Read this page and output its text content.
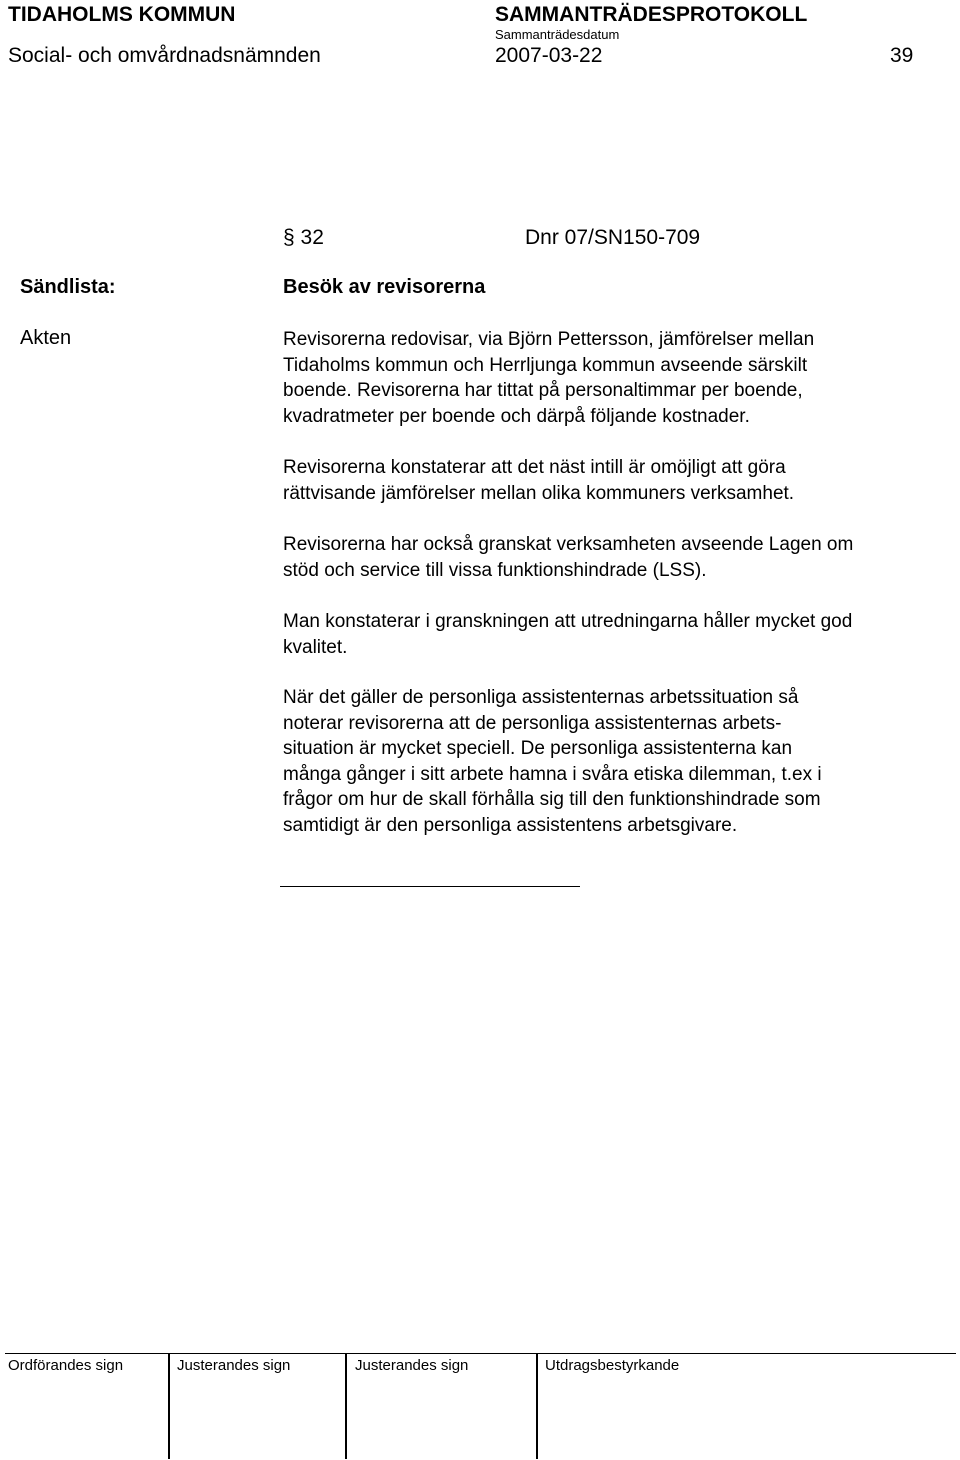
TIDAHOLMS KOMMUN	SAMMANTRÄDESPROTOKOLL
Sammanträdesdatum
Social- och omvårdnadsnämnden	2007-03-22	39
§ 32	Dnr 07/SN150-709
Sändlista:	Besök av revisorerna
Akten	Revisorerna redovisar, via Björn Pettersson, jämförelser mellan
Tidaholms kommun och Herrljunga kommun avseende särskilt
boende. Revisorerna har tittat på personaltimmar per boende,
kvadratmeter per boende och därpå följande kostnader.
Revisorerna konstaterar att det näst intill är omöjligt att göra
rättvisande jämförelser mellan olika kommuners verksamhet.
Revisorerna har också granskat verksamheten avseende Lagen om
stöd och service till vissa funktionshindrade (LSS).
Man konstaterar i granskningen att utredningarna håller mycket god
kvalitet.
När det gäller de personliga assistenternas arbetssituation så
noterar revisorerna att de personliga assistenternas arbets-
situation är mycket speciell. De personliga assistenterna kan
många gånger i sitt arbete hamna i svåra etiska dilemman, t.ex i
frågor om hur de skall förhålla sig till den funktionshindrade som
samtidigt är den personliga assistentens arbetsgivare.
Ordförandes sign	Justerandes sign	Justerandes sign	Utdragsbestyrkande
